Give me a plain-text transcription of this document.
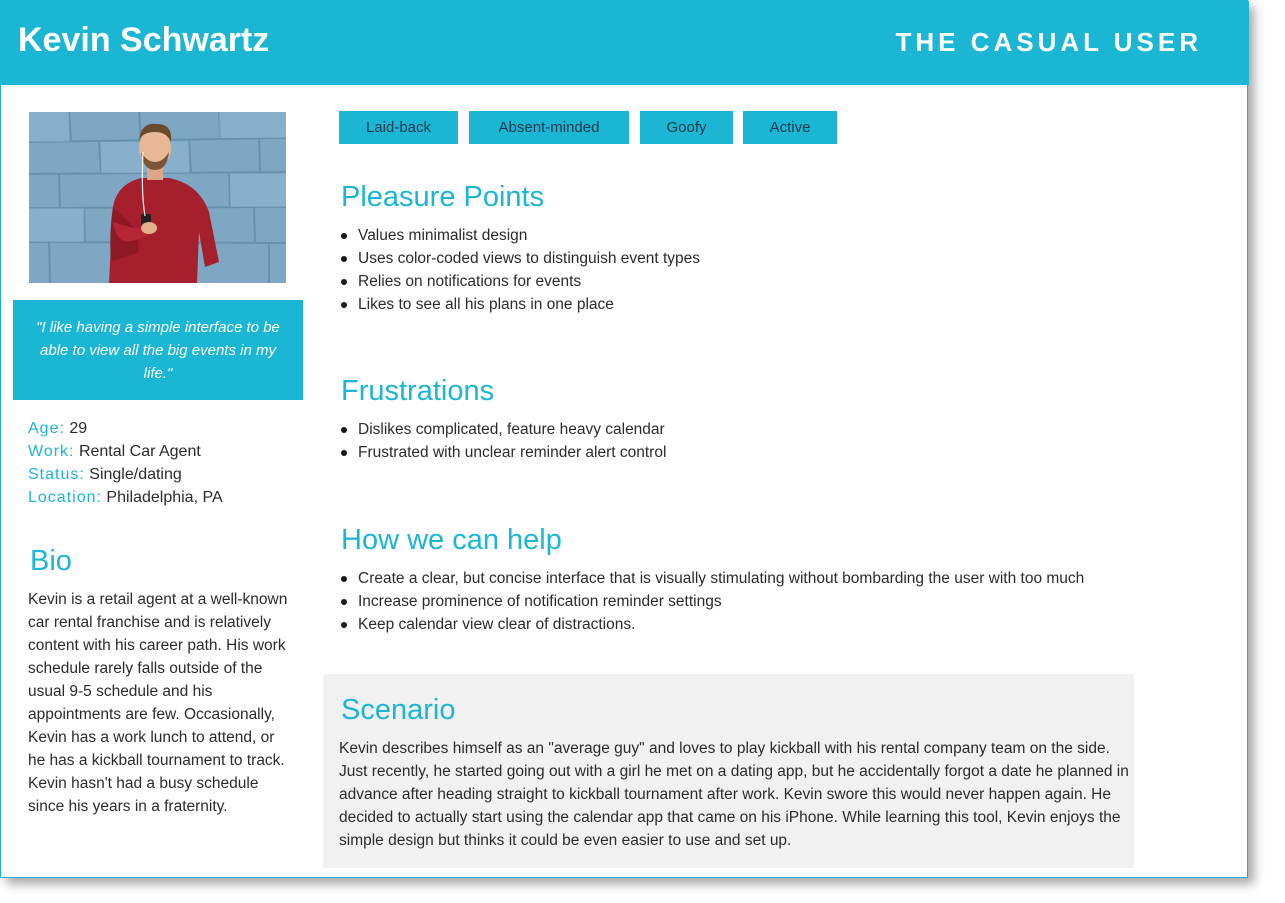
Kevin Schwartz	THE CASUAL USER
"I like having a simple interface to be able to view all the big events in my life."
Age: 29
Work: Rental Car Agent
Status: Single/dating
Location: Philadelphia, PA
Bio
Kevin is a retail agent at a well-known car rental franchise and is relatively content with his career path. His work schedule rarely falls outside of the usual 9-5 schedule and his appointments are few. Occasionally, Kevin has a work lunch to attend, or he has a kickball tournament to track. Kevin hasn't had a busy schedule since his years in a fraternity.
Laid-back	Absent-minded	Goofy	Active
Pleasure Points
Values minimalist design
Uses color-coded views to distinguish event types
Relies on notifications for events
Likes to see all his plans in one place
Frustrations
Dislikes complicated, feature heavy calendar
Frustrated with unclear reminder alert control
How we can help
Create a clear, but concise interface that is visually stimulating without bombarding the user with too much
Increase prominence of notification reminder settings
Keep calendar view clear of distractions.
Scenario
Kevin describes himself as an "average guy" and loves to play kickball with his rental company team on the side. Just recently, he started going out with a girl he met on a dating app, but he accidentally forgot a date he planned in advance after heading straight to kickball tournament after work. Kevin swore this would never happen again. He decided to actually start using the calendar app that came on his iPhone. While learning this tool, Kevin enjoys the simple design but thinks it could be even easier to use and set up.
